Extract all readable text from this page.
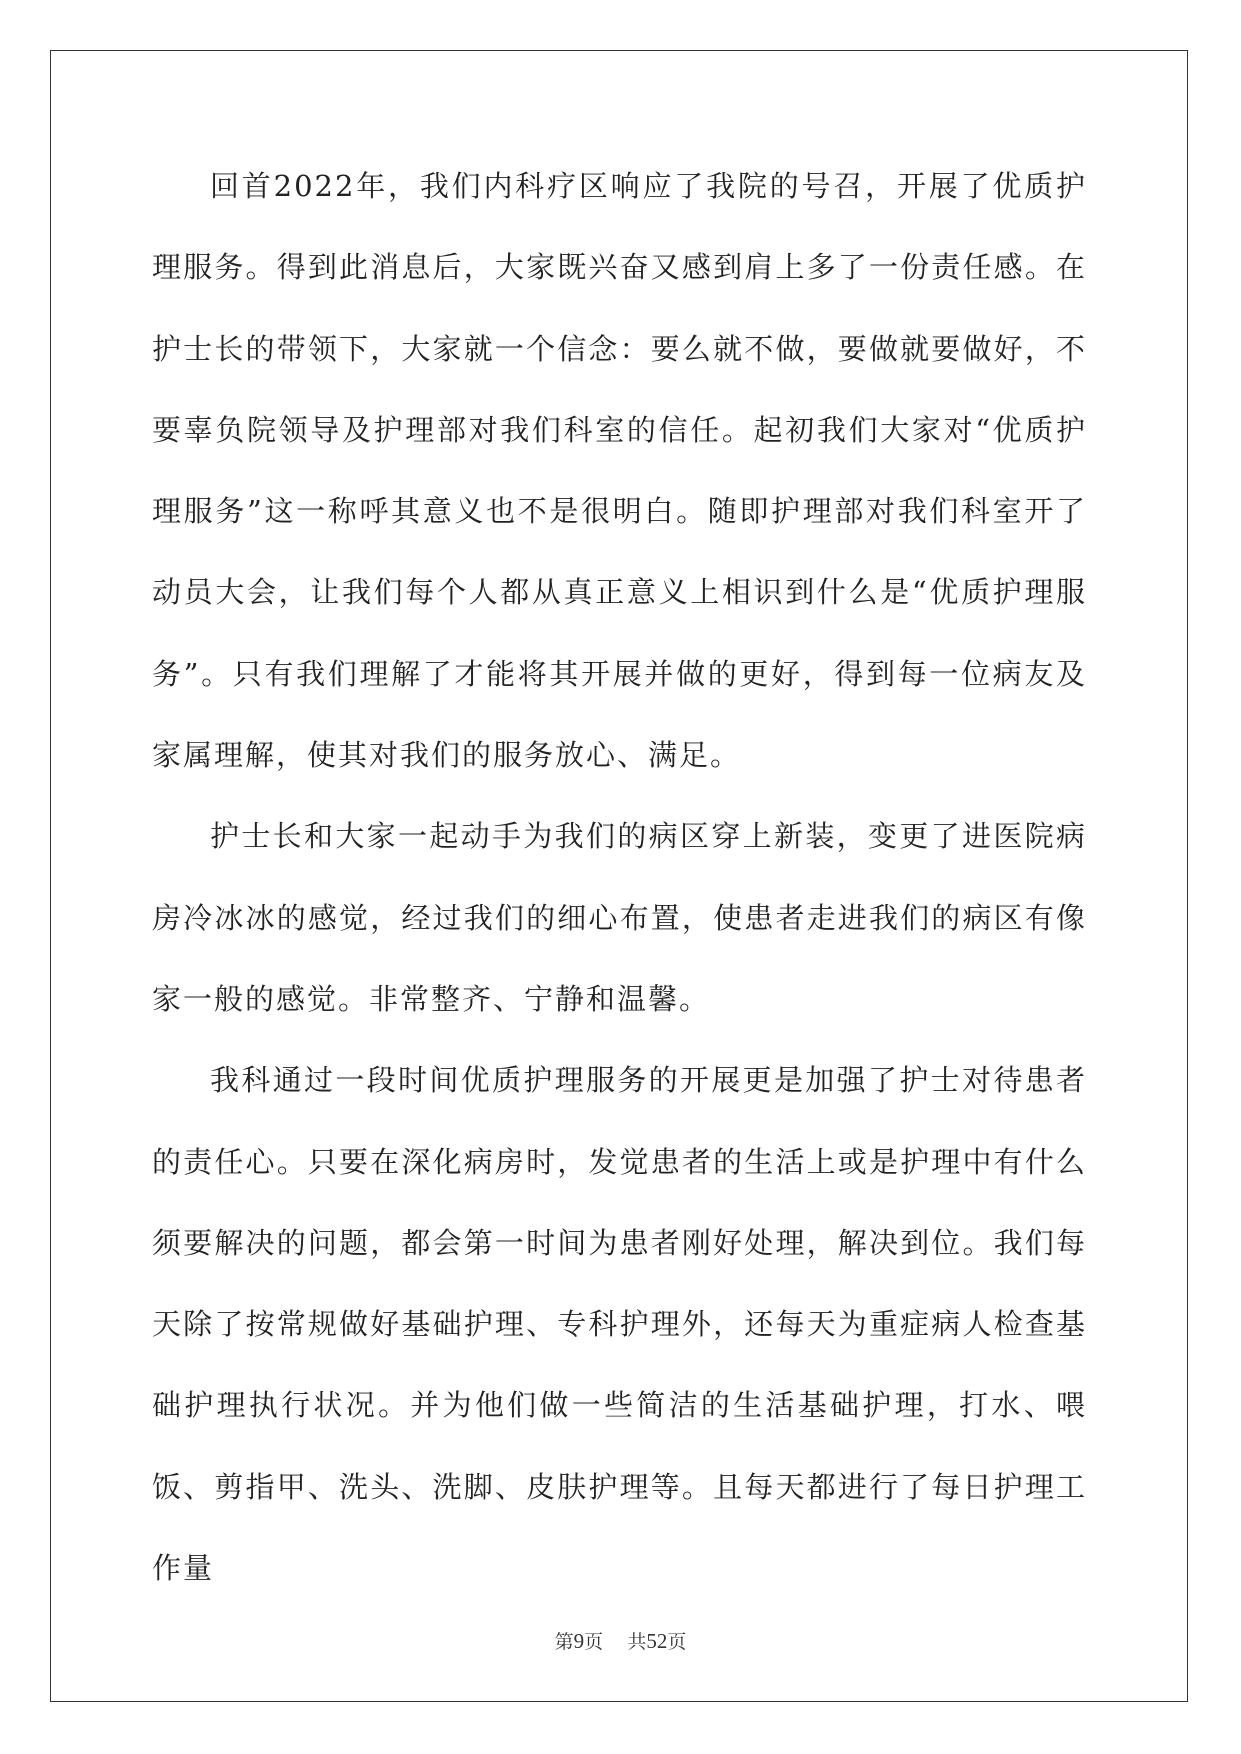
回首2022年，我们内科疗区响应了我院的号召，开展了优质护理服务。得到此消息后，大家既兴奋又感到肩上多了一份责任感。在护士长的带领下，大家就一个信念：要么就不做，要做就要做好，不要辜负院领导及护理部对我们科室的信任。起初我们大家对“优质护理服务”这一称呼其意义也不是很明白。随即护理部对我们科室开了动员大会，让我们每个人都从真正意义上相识到什么是“优质护理服务”。只有我们理解了才能将其开展并做的更好，得到每一位病友及家属理解，使其对我们的服务放心、满足。

护士长和大家一起动手为我们的病区穿上新装，变更了进医院病房冷冰冰的感觉，经过我们的细心布置，使患者走进我们的病区有像家一般的感觉。非常整齐、宁静和温馨。

我科通过一段时间优质护理服务的开展更是加强了护士对待患者的责任心。只要在深化病房时，发觉患者的生活上或是护理中有什么须要解决的问题，都会第一时间为患者刚好处理，解决到位。我们每天除了按常规做好基础护理、专科护理外，还每天为重症病人检查基础护理执行状况。并为他们做一些简洁的生活基础护理，打水、喂饭、剪指甲、洗头、洗脚、皮肤护理等。且每天都进行了每日护理工作量

第9页 共52页
